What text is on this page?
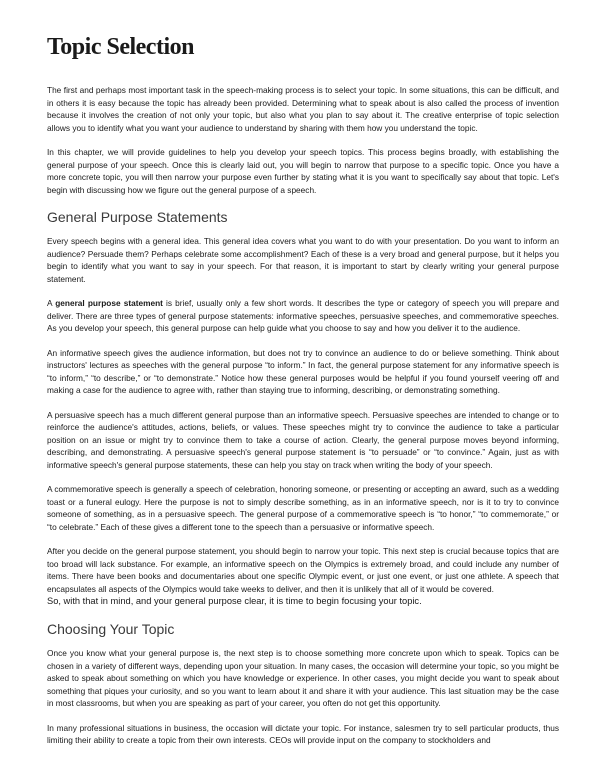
Topic Selection

The first and perhaps most important task in the speech-making process is to select your topic. In some situations, this can be difficult, and in others it is easy because the topic has already been provided. Determining what to speak about is also called the process of invention because it involves the creation of not only your topic, but also what you plan to say about it. The creative enterprise of topic selection allows you to identify what you want your audience to understand by sharing with them how you understand the topic.

In this chapter, we will provide guidelines to help you develop your speech topics. This process begins broadly, with establishing the general purpose of your speech. Once this is clearly laid out, you will begin to narrow that purpose to a specific topic. Once you have a more concrete topic, you will then narrow your purpose even further by stating what it is you want to specifically say about that topic. Let's begin with discussing how we figure out the general purpose of a speech.

General Purpose Statements

Every speech begins with a general idea. This general idea covers what you want to do with your presentation. Do you want to inform an audience? Persuade them? Perhaps celebrate some accomplishment? Each of these is a very broad and general purpose, but it helps you begin to identify what you want to say in your speech. For that reason, it is important to start by clearly writing your general purpose statement.

A general purpose statement is brief, usually only a few short words. It describes the type or category of speech you will prepare and deliver. There are three types of general purpose statements: informative speeches, persuasive speeches, and commemorative speeches. As you develop your speech, this general purpose can help guide what you choose to say and how you deliver it to the audience.

An informative speech gives the audience information, but does not try to convince an audience to do or believe something. Think about instructors' lectures as speeches with the general purpose “to inform.” In fact, the general purpose statement for any informative speech is “to inform,” “to describe,” or “to demonstrate.” Notice how these general purposes would be helpful if you found yourself veering off and making a case for the audience to agree with, rather than staying true to informing, describing, or demonstrating something.

A persuasive speech has a much different general purpose than an informative speech. Persuasive speeches are intended to change or to reinforce the audience's attitudes, actions, beliefs, or values. These speeches might try to convince the audience to take a particular position on an issue or might try to convince them to take a course of action. Clearly, the general purpose moves beyond informing, describing, and demonstrating. A persuasive speech's general purpose statement is “to persuade” or “to convince.” Again, just as with informative speech's general purpose statements, these can help you stay on track when writing the body of your speech.

A commemorative speech is generally a speech of celebration, honoring someone, or presenting or accepting an award, such as a wedding toast or a funeral eulogy. Here the purpose is not to simply describe something, as in an informative speech, nor is it to try to convince someone of something, as in a persuasive speech. The general purpose of a commemorative speech is “to honor,” “to commemorate,” or “to celebrate.” Each of these gives a different tone to the speech than a persuasive or informative speech.

After you decide on the general purpose statement, you should begin to narrow your topic. This next step is crucial because topics that are too broad will lack substance. For example, an informative speech on the Olympics is extremely broad, and could include any number of items. There have been books and documentaries about one specific Olympic event, or just one event, or just one athlete. A speech that encapsulates all aspects of the Olympics would take weeks to deliver, and then it is unlikely that all of it would be covered.
So, with that in mind, and your general purpose clear, it is time to begin focusing your topic.

Choosing Your Topic

Once you know what your general purpose is, the next step is to choose something more concrete upon which to speak. Topics can be chosen in a variety of different ways, depending upon your situation. In many cases, the occasion will determine your topic, so you might be asked to speak about something on which you have knowledge or experience. In other cases, you might decide you want to speak about something that piques your curiosity, and so you want to learn about it and share it with your audience. This last situation may be the case in most classrooms, but when you are speaking as part of your career, you often do not get this opportunity.

In many professional situations in business, the occasion will dictate your topic. For instance, salesmen try to sell particular products, thus limiting their ability to create a topic from their own interests. CEOs will provide input on the company to stockholders and
